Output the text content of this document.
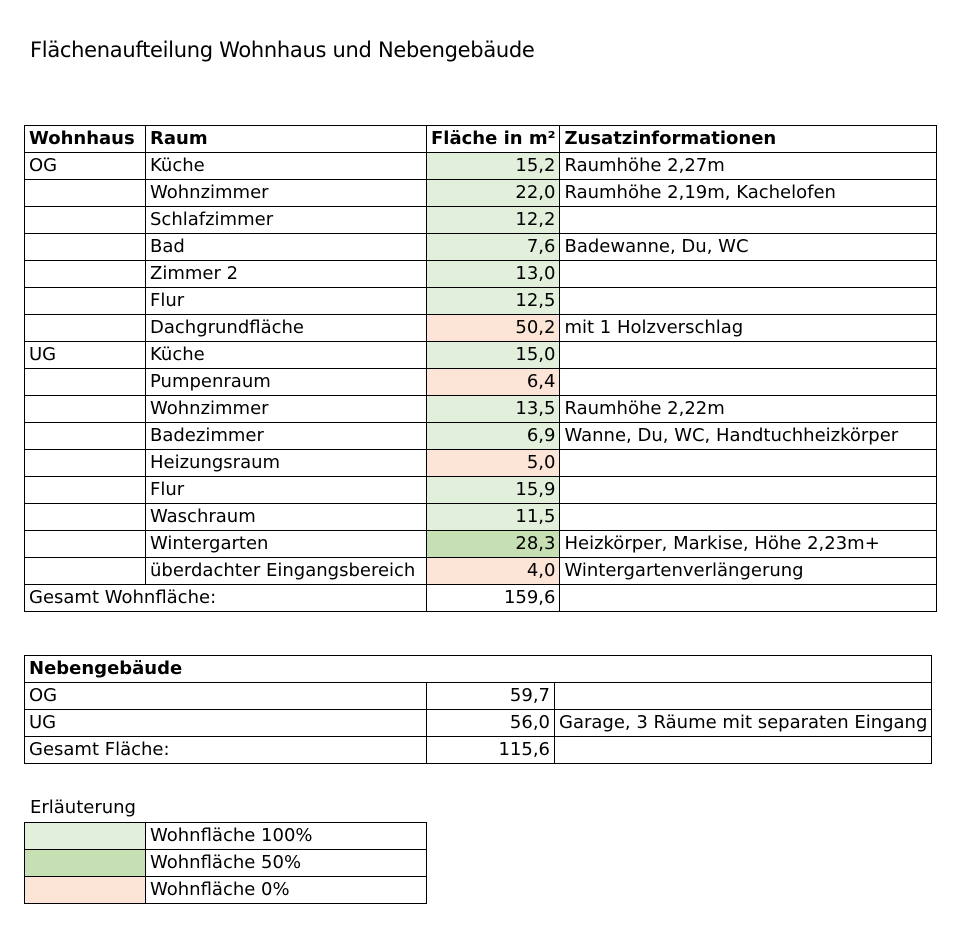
Flächenaufteilung Wohnhaus und Nebengebäude
Wohnhaus	Raum	Fläche in m²	Zusatzinformationen
OG	Küche	15,2	Raumhöhe 2,27m
	Wohnzimmer	22,0	Raumhöhe 2,19m, Kachelofen
	Schlafzimmer	12,2	
	Bad	7,6	Badewanne, Du, WC
	Zimmer 2	13,0	
	Flur	12,5	
	Dachgrundfläche	50,2	mit 1 Holzverschlag
UG	Küche	15,0	
	Pumpenraum	6,4	
	Wohnzimmer	13,5	Raumhöhe 2,22m
	Badezimmer	6,9	Wanne, Du, WC, Handtuchheizkörper
	Heizungsraum	5,0	
	Flur	15,9	
	Waschraum	11,5	
	Wintergarten	28,3	Heizkörper, Markise, Höhe 2,23m+
	überdachter Eingangsbereich	4,0	Wintergartenverlängerung
Gesamt Wohnfläche:		159,6	
Nebengebäude		
OG	59,7	
UG	56,0	Garage, 3 Räume mit separaten Eingang
Gesamt Fläche:	115,6	
Erläuterung
	Wohnfläche 100%
	Wohnfläche 50%
	Wohnfläche 0%
